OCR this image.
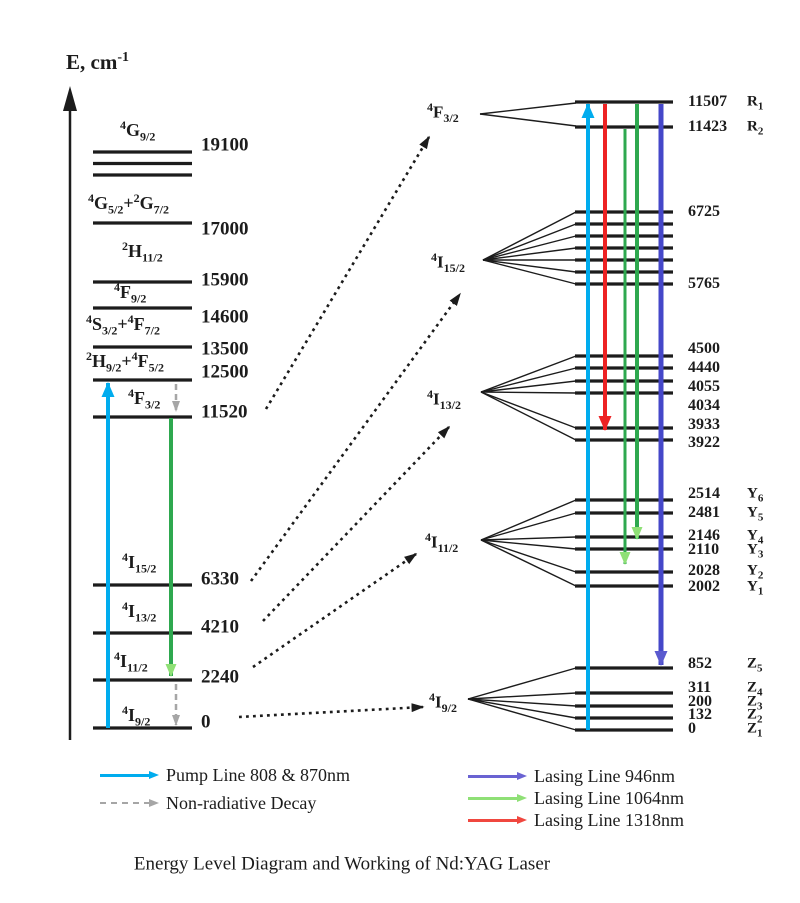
E, $cm^{-1}$
$^4G_{9/2}$
$^4G_{5/2}+^2G_{7/2}$
$^2H_{11/2}$
$^4F_{9/2}$
$^4S_{3/2}+^4F_{7/2}$
$^2H_{9/2}+^4F_{5/2}$
$^4F_{3/2}$
$^4I_{15/2}$
$^4I_{13/2}$
$^4I_{11/2}$
$^4I_{9/2}$
19100
17000
15900
14600
13500
12500
11520
6330
4210
2240
0
$^4F_{3/2}$
$^4I_{15/2}$
$^4I_{13/2}$
$^4I_{11/2}$
$^4I_{9/2}$
11507
11423
6725
5765
4500
4440
4055
4034
3933
3922
2514
2481
2146
2110
2028
2002
852
311
200
132
0
$R_1$
$R_2$
$Y_6$
$Y_5$
$Y_4$
$Y_3$
$Y_2$
$Y_1$
$Z_5$
$Z_4$
$Z_3$
$Z_2$
$Z_1$
Pump Line 808 & 870nm
Non-radiative Decay
Lasing Line 946nm
Lasing Line 1064nm
Lasing Line 1318nm
Energy Level Diagram and Working of Nd:YAG Laser
